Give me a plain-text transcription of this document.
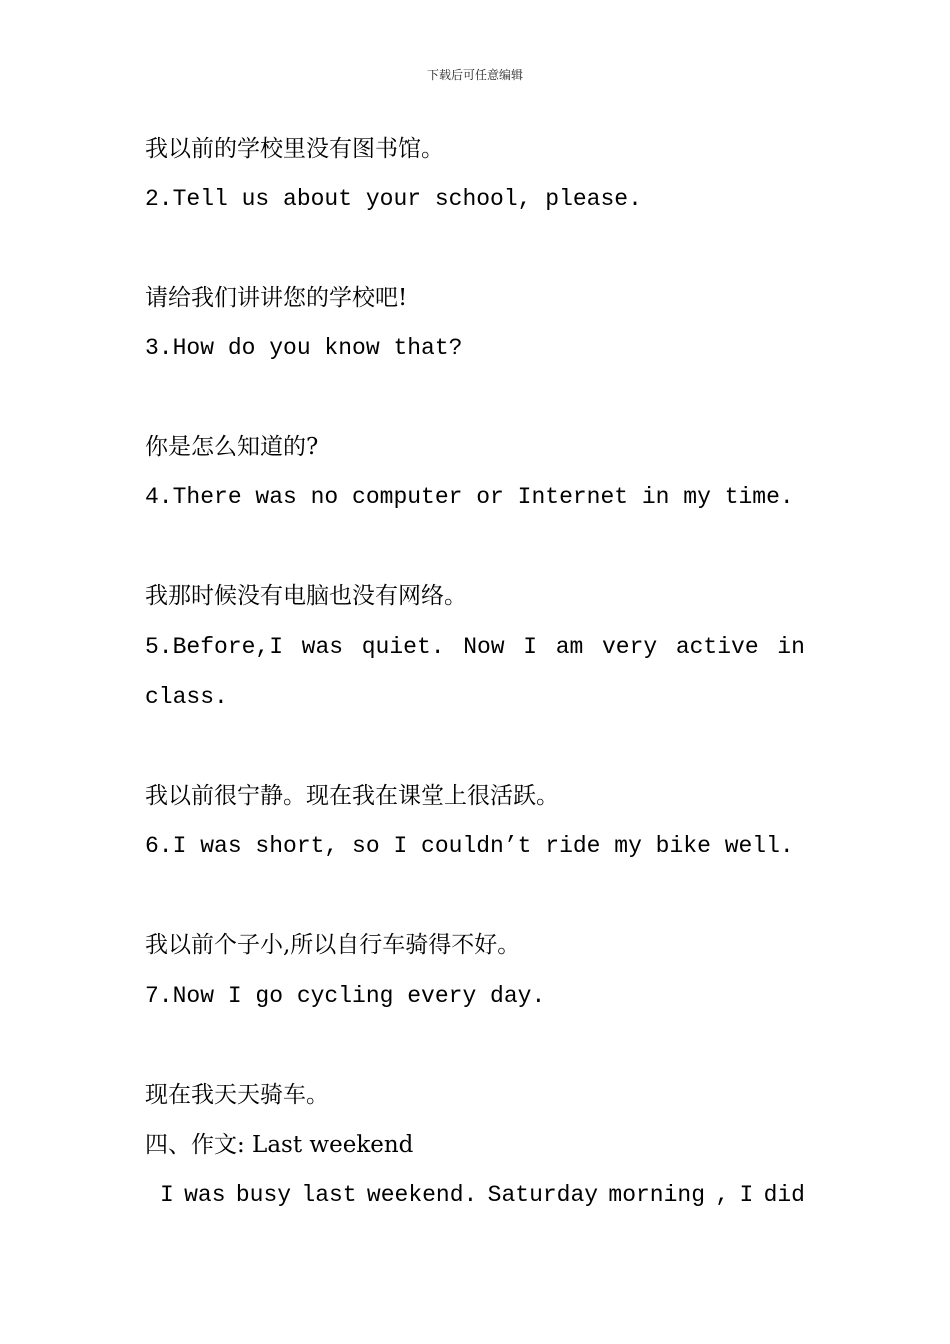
下载后可任意编辑
我以前的学校里没有图书馆。
2.Tell us about your school, please.
请给我们讲讲您的学校吧!
3.How do you know that?
你是怎么知道的?
4.There was no computer or Internet in my time.
我那时候没有电脑也没有网络。
5.Before,I was quiet. Now I am very active in
class.
我以前很宁静。现在我在课堂上很活跃。
6.I was short, so I couldn’t ride my bike well.
我以前个子小,所以自行车骑得不好。
7.Now I go cycling every day.
现在我天天骑车。
四、作文: Last weekend
I was busy last weekend. Saturday morning , I did
